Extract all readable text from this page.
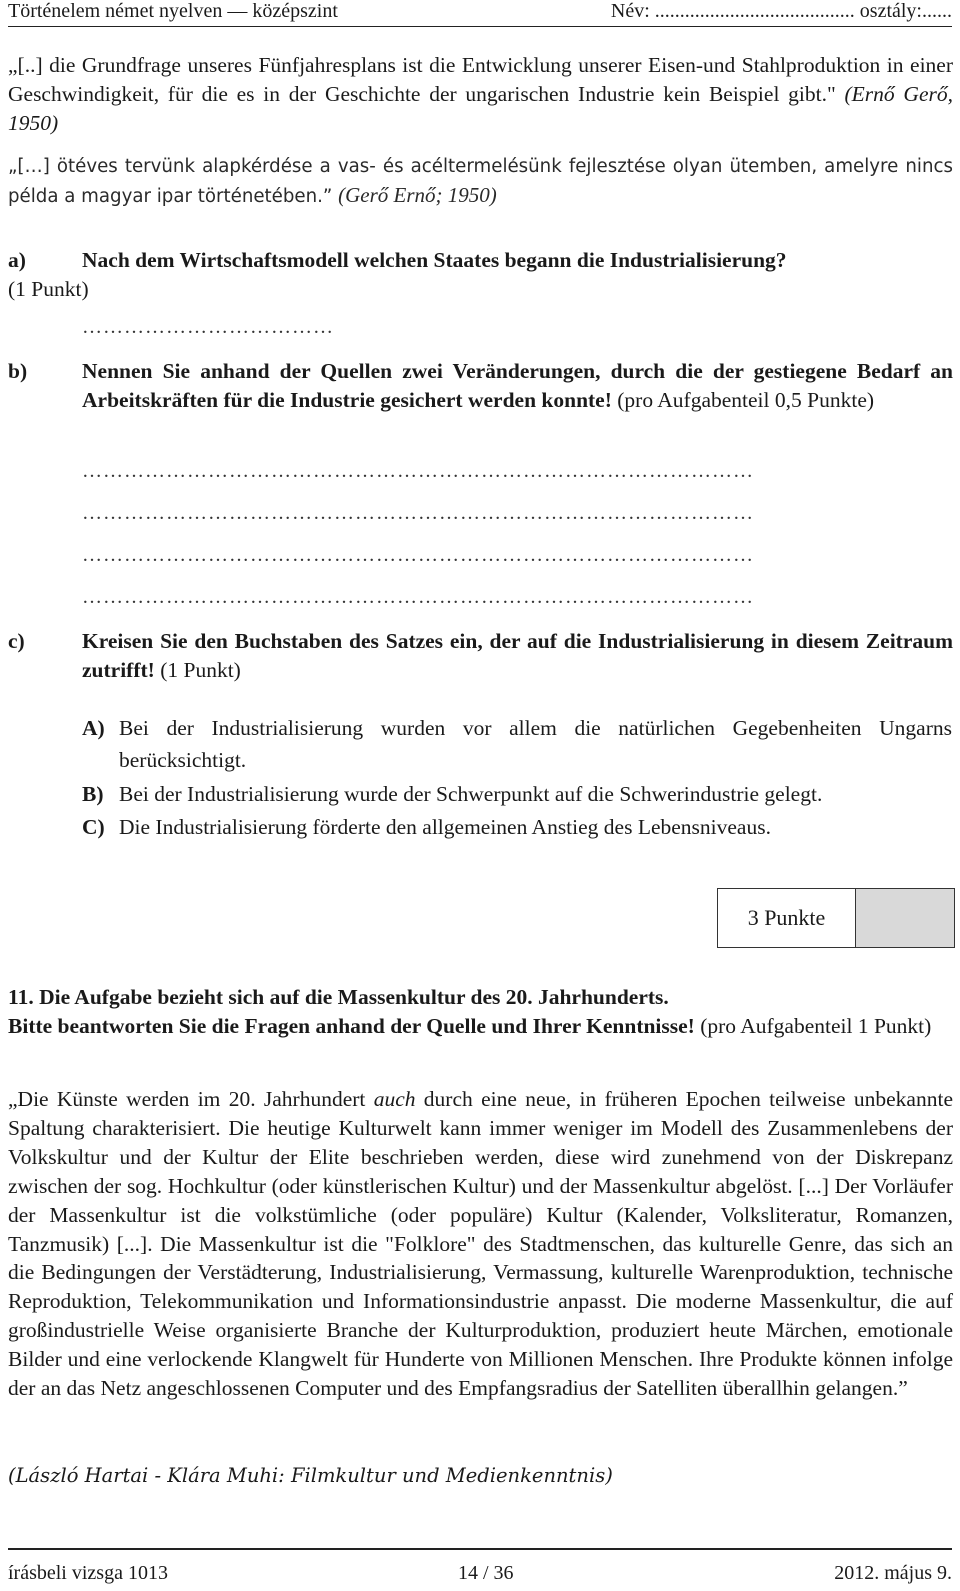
Történelem német nyelven — középszint	Név: ........................................ osztály:......
„[..] die Grundfrage unseres Fünfjahresplans ist die Entwicklung unserer Eisen-und Stahlproduktion in einer Geschwindigkeit, für die es in der Geschichte der ungarischen Industrie kein Beispiel gibt." (Ernő Gerő, 1950)
„[…] ötéves tervünk alapkérdése a vas- és acéltermelésünk fejlesztése olyan ütemben, amelyre nincs példa a magyar ipar történetében.” (Gerő Ernő; 1950)
a)	Nach dem Wirtschaftsmodell welchen Staates begann die Industrialisierung?
(1 Punkt)
………………………………
b)	Nennen Sie anhand der Quellen zwei Veränderungen, durch die der gestiegene Bedarf an Arbeitskräften für die Industrie gesichert werden konnte! (pro Aufgabenteil 0,5 Punkte)
……………………………………………………………………………………
……………………………………………………………………………………
……………………………………………………………………………………
……………………………………………………………………………………
c)	Kreisen Sie den Buchstaben des Satzes ein, der auf die Industrialisierung in diesem Zeitraum zutrifft! (1 Punkt)
A) Bei der Industrialisierung wurden vor allem die natürlichen Gegebenheiten Ungarns berücksichtigt.
B) Bei der Industrialisierung wurde der Schwerpunkt auf die Schwerindustrie gelegt.
C) Die Industrialisierung förderte den allgemeinen Anstieg des Lebensniveaus.
3 Punkte
11. Die Aufgabe bezieht sich auf die Massenkultur des 20. Jahrhunderts.
Bitte beantworten Sie die Fragen anhand der Quelle und Ihrer Kenntnisse! (pro Aufgabenteil 1 Punkt)
„Die Künste werden im 20. Jahrhundert auch durch eine neue, in früheren Epochen teilweise unbekannte Spaltung charakterisiert. Die heutige Kulturwelt kann immer weniger im Modell des Zusammenlebens der Volkskultur und der Kultur der Elite beschrieben werden, diese wird zunehmend von der Diskrepanz zwischen der sog. Hochkultur (oder künstlerischen Kultur) und der Massenkultur abgelöst. [...] Der Vorläufer der Massenkultur ist die volkstümliche (oder populäre) Kultur (Kalender, Volksliteratur, Romanzen, Tanzmusik) [...]. Die Massenkultur ist die "Folklore" des Stadtmenschen, das kulturelle Genre, das sich an die Bedingungen der Verstädterung, Industrialisierung, Vermassung, kulturelle Warenproduktion, technische Reproduktion, Telekommunikation und Informationsindustrie anpasst. Die moderne Massenkultur, die auf großindustrielle Weise organisierte Branche der Kulturproduktion, produziert heute Märchen, emotionale Bilder und eine verlockende Klangwelt für Hunderte von Millionen Menschen. Ihre Produkte können infolge der an das Netz angeschlossenen Computer und des Empfangsradius der Satelliten überallhin gelangen.”
(László Hartai - Klára Muhi: Filmkultur und Medienkenntnis)
írásbeli vizsga 1013	14 / 36	2012. május 9.
